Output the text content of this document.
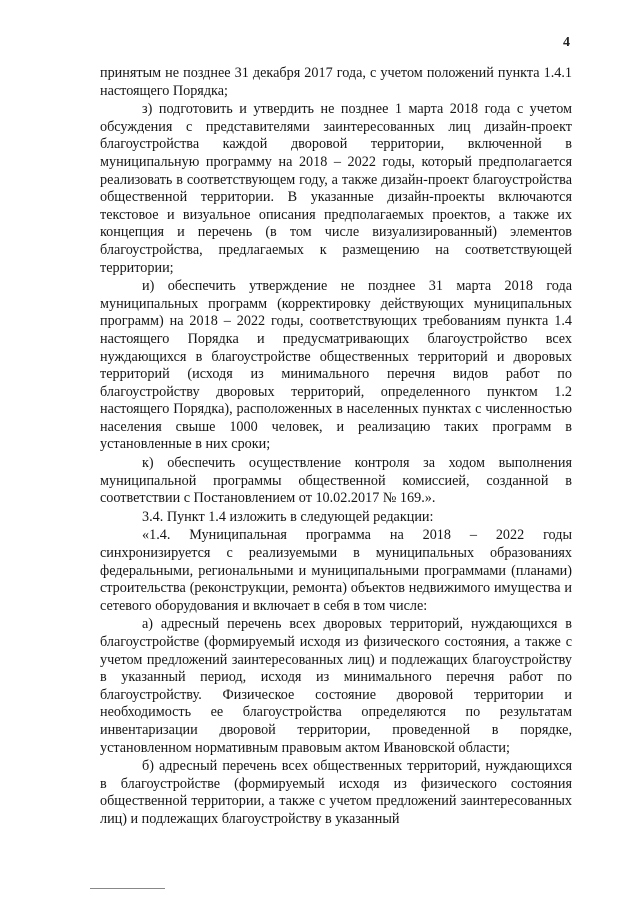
4

принятым не позднее 31 декабря 2017 года, с учетом положений пункта 1.4.1 настоящего Порядка;

з) подготовить и утвердить не позднее 1 марта 2018 года с учетом обсуждения с представителями заинтересованных лиц дизайн-проект благоустройства каждой дворовой территории, включенной в муниципальную программу на 2018 – 2022 годы, который предполагается реализовать в соответствующем году, а также дизайн-проект благоустройства общественной территории. В указанные дизайн-проекты включаются текстовое и визуальное описания предполагаемых проектов, а также их концепция и перечень (в том числе визуализированный) элементов благоустройства, предлагаемых к размещению на соответствующей территории;

и) обеспечить утверждение не позднее 31 марта 2018 года муниципальных программ (корректировку действующих муниципальных программ) на 2018 – 2022 годы, соответствующих требованиям пункта 1.4 настоящего Порядка и предусматривающих благоустройство всех нуждающихся в благоустройстве общественных территорий и дворовых территорий (исходя из минимального перечня видов работ по благоустройству дворовых территорий, определенного пунктом 1.2 настоящего Порядка), расположенных в населенных пунктах с численностью населения свыше 1000 человек, и реализацию таких программ в установленные в них сроки;

к) обеспечить осуществление контроля за ходом выполнения муниципальной программы общественной комиссией, созданной в соответствии с Постановлением от 10.02.2017 № 169.».

3.4. Пункт 1.4 изложить в следующей редакции:

«1.4. Муниципальная программа на 2018 – 2022 годы синхронизируется с реализуемыми в муниципальных образованиях федеральными, региональными и муниципальными программами (планами) строительства (реконструкции, ремонта) объектов недвижимого имущества и сетевого оборудования и включает в себя в том числе:

а) адресный перечень всех дворовых территорий, нуждающихся в благоустройстве (формируемый исходя из физического состояния, а также с учетом предложений заинтересованных лиц) и подлежащих благоустройству в указанный период, исходя из минимального перечня работ по благоустройству. Физическое состояние дворовой территории и необходимость ее благоустройства определяются по результатам инвентаризации дворовой территории, проведенной в порядке, установленном нормативным правовым актом Ивановской области;

б) адресный перечень всех общественных территорий, нуждающихся в благоустройстве (формируемый исходя из физического состояния общественной территории, а также с учетом предложений заинтересованных лиц) и подлежащих благоустройству в указанный
